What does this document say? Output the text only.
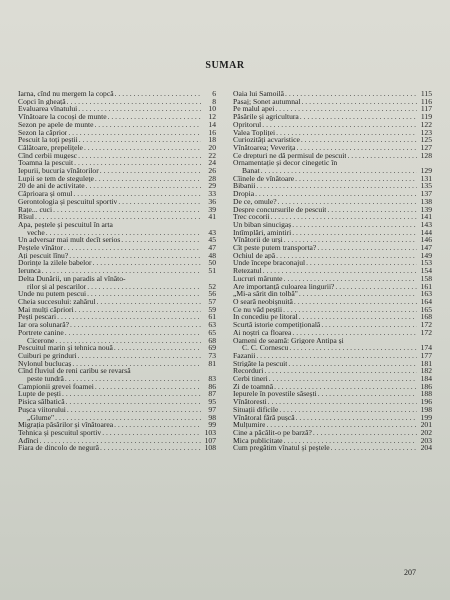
SUMAR
Iarna, cînd nu mergem la copcă . . .	6
Copci în gheață . . .	8
Evaluarea vînatului . . .	10
Vînătoare la cocoși de munte . . .	12
Sezon pe apele de munte . . .	14
Sezon la căprior . . .	16
Pescuit la toți peștii . . .	18
Călătoare, prepelițele . . .	20
Cînd cerbii mugesc . . .	22
Toamna la pescuit . . .	24
Iepurii, bucuria vînătorilor . . .	26
Lupii se tem de steguleţe . . .	28
20 de ani de activitate . . .	29
Căprioara și omul . . .	33
Gerontologia și pescuitul sportiv . . .	36
Rațe... cuci . . .	39
Rîsul . . .	41
Apa, peștele și pescuitul în arta
veche . . .	43
Un adversar mai mult decît serios . . .	45
Peștele vînător . . .	47
Ați pescuit lînu? . . .	48
Dorințe la zilele babelor . . .	50
Ieruncа . . .	51
Delta Dunării, un paradis al vînăto-
rilor și al pescarilor . . .	52
Unde nu putem pescui . . .	56
Cheia succesului: zahărul . . .	57
Mai mulți căpriori . . .	59
Pești pescari . . .	61
Iar ora solunară? . . .	63
Portrete canine . . .	65
Cicerone . . .	68
Pescuitul marin și tehnica nouă . . .	69
Cuiburi pe grinduri . . .	73
Nylonul buclucaș . . .	81
Cînd fluviul de reni caribu se revarsă
peste tundră . . .	83
Campionii grevei foamei . . .	86
Lupte de pești . . .	87
Pisica sălbatică . . .	95
Pușca viitorului . . .	97
„Glume" . . .	98
Migrația păsărilor și vînătoarea . . .	99
Tehnica și pescuitul sportiv . . .	103
Adînci . . .	107
Fiara de dincolo de negură . . .	108
Oaia lui Samoilă . . .	115
Pasaj; Sonet autumnal . . .	116
Pe malul apei . . .	117
Păsările și agricultura . . .	119
Opritorul . . .	122
Valea Topliței . . .	123
Curiozități acvaristice . . .	125
Vînătoarea; Veverița . . .	127
Ce drepturi ne dă permisul de pescuit . . .	128
Ornamentațiе și decor cinegetic în
Banat . . .	129
Cîinele de vînătoare . . .	131
Bibanii . . .	135
Dropia . . .	137
De ce, omule? . . .	138
Despre concursurile de pescuit . . .	139
Trec cocorii . . .	141
Un biban sinucigaș . . .	143
Intîmplări, amintiri . . .	144
Vînătorii de urși . . .	146
Cît peste putem transporta? . . .	147
Ochiul de apă . . .	149
Unde începe braconajul . . .	153
Retezatul . . .	154
Lucruri mărunte . . .	158
Are importanță culoarea lingurii? . . .	161
„Mi-a sărit din tolbă" . . .	163
O seară neobișnuită . . .	164
Ce nu văd peștii . . .	165
In concediu pe litoral . . .	168
Scurtă istorie competițională . . .	172
Ai noștri ca floarea . . .	172
Oameni de seamă: Grigore Antipa și
C. C. Cornescu . . .	174
Fazanii . . .	177
Strigăte la pescuit . . .	181
Recorduri . . .	182
Cerbi tineri . . .	184
Zi de toamnă . . .	186
Iepurele în povestile săsești . . .	188
Vînătoresti . . .	196
Situații dificile . . .	198
Vînătoral fără pușcă . . .	199
Mulțumire . . .	201
Cine a păcălit-o pe barză? . . .	202
Mica publicitate . . .	203
Cum pregătim vînatul și peștele . . .	204
207
